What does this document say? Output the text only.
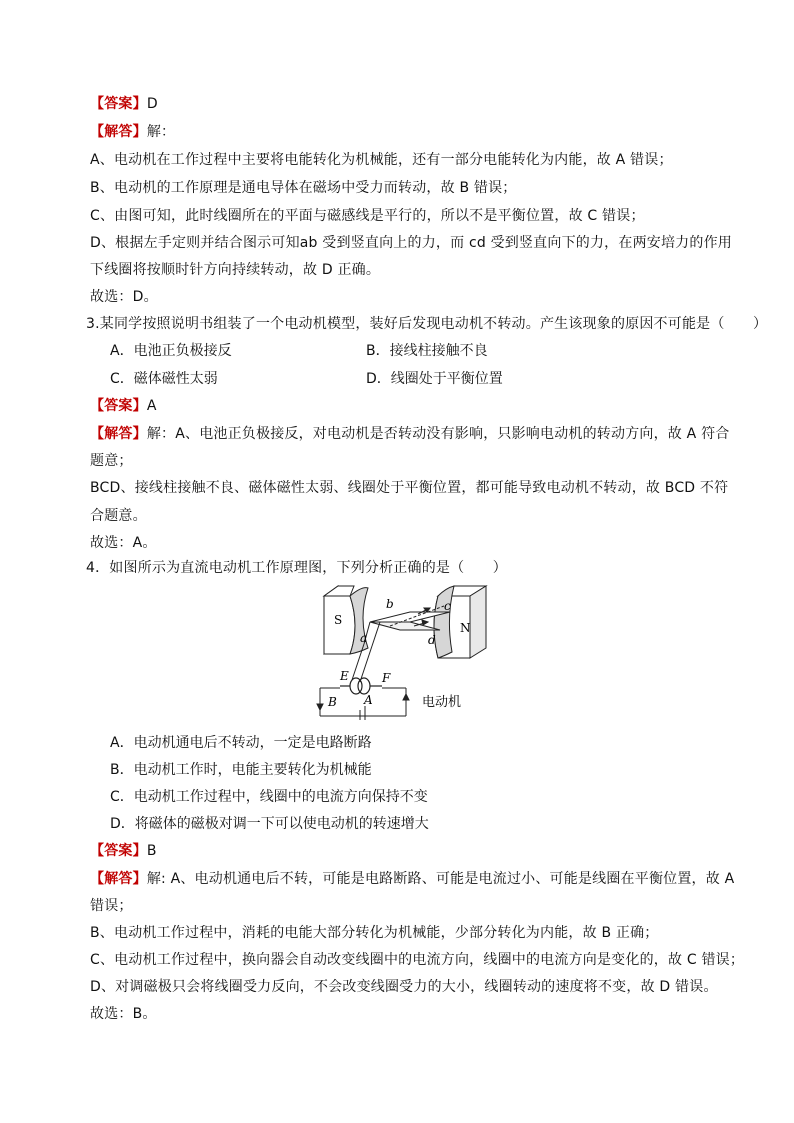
【答案】D
【解答】解：
A、电动机在工作过程中主要将电能转化为机械能，还有一部分电能转化为内能，故 A 错误；
B、电动机的工作原理是通电导体在磁场中受力而转动，故 B 错误；
C、由图可知，此时线圈所在的平面与磁感线是平行的，所以不是平衡位置，故 C 错误；
D、根据左手定则并结合图示可知ab 受到竖直向上的力，而 cd 受到竖直向下的力，在两安培力的作用
下线圈将按顺时针方向持续转动，故 D 正确。
故选：D。
3.某同学按照说明书组装了一个电动机模型，装好后发现电动机不转动。产生该现象的原因不可能是（　　）
A．电池正负极接反	B．接线柱接触不良
C．磁体磁性太弱	D．线圈处于平衡位置
【答案】A
【解答】解：A、电池正负极接反，对电动机是否转动没有影响，只影响电动机的转动方向，故 A 符合
题意；
BCD、接线柱接触不良、磁体磁性太弱、线圈处于平衡位置，都可能导致电动机不转动，故 BCD 不符
合题意。
故选：A。
4．如图所示为直流电动机工作原理图，下列分析正确的是（　　）
S
N
a
b	c
d
E	F
B A	电动机
A．电动机通电后不转动，一定是电路断路
B．电动机工作时，电能主要转化为机械能
C．电动机工作过程中，线圈中的电流方向保持不变
D．将磁体的磁极对调一下可以使电动机的转速增大
【答案】B
【解答】解: A、电动机通电后不转，可能是电路断路、可能是电流过小、可能是线圈在平衡位置，故 A
错误；
B、电动机工作过程中，消耗的电能大部分转化为机械能，少部分转化为内能，故 B 正确；
C、电动机工作过程中，换向器会自动改变线圈中的电流方向，线圈中的电流方向是变化的，故 C 错误；
D、对调磁极只会将线圈受力反向，不会改变线圈受力的大小，线圈转动的速度将不变，故 D 错误。
故选：B。
